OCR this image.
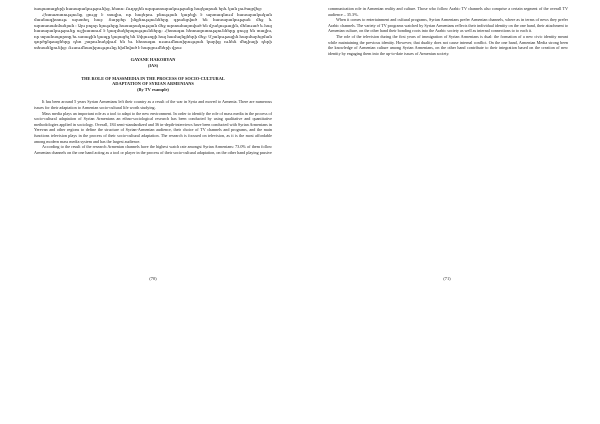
iապատաքերի հասարակությունից, հետո։ Ուղղղեն արգատարակությանը հայկարան երև կան լուծացվեց։

Հետաzոտությունը ցույց է տալիս, որ հայերու բնության կարելի է արտագնում հասարակական մասնագիտութ այստեղ հայ։ Տարբեր ինքնությունները գրանցված են հասարակության մեջ և արտասահմանյան ։ Այս բոլոր նյութերը հասարակության մեջ արտահայտված են մշակութային, մենուած և հայ հասարակությունը աշխատում է կազմակերպությունները։ Հետագա հետազոտությունները ցույց են տալիս, որ տրանսպորտը եւ առաջին կապը կայացել են Սփյուռքի հայ համայնքների մեջ։ Մշակութային հարմարեցման գործընթացները դեռ շարունակվում են եւ հետագա ուսումնասիրության կարիք ունեն մեդիայի դերի տեսանկյունից։ Ուսումնասիրությունը հիմնված է հարցումների վրա։

GAYANE HAKOBYAN

(IAS)

THE ROLE OF MASSMEDIA IN THE PROCESS OF SOCIO-CULTURAL

ADAPTATION OF SYRIAN ARMENIANS

(By TV example)

It has been around 5 years Syrian Armenians left their country as a result of the war in Syria and moved to Armenia. There are numerous issues for their adaptation to Armenian socio-cultural life worth studying.

Mass media plays an important role as a tool to adapt to the new environment. In order to identify the role of mass media in the process of socio-cultural adaptation of Syrian Armenians an ethno-sociological research has been conducted by using qualitative and quantitative methodologies applied in sociology. Overall, 184 semi-standardized and 36 in-depth-interviews have been conducted with Syrian Armenians in Yerevan and other regions to define the structure of Syrian-Armenian audience, their choice of TV channels and programs, and the main functions television plays in the process of their socio-cultural adaptation. The research is focused on television, as it is the most affordable among modern mass media system and has the largest audience.

According to the result of the research Armenian channels have the highest watch rate amongst Syrian Armenians: 73.0% of them follow Armenian channels on the one hand acting as a tool or player in the process of their socio-cultural adaptation, on the other hand playing passive

(70)

communication role in Armenian reality and culture. Those who follow Arabic TV channels also comprise a certain segment of the overall TV audience – 35.3%.

When it comes to entertainment and cultural programs, Syrian Armenians prefer Armenian channels, where as in terms of news they prefer Arabic channels. The variety of TV programs watched by Syrian Armenians reflects their individual identity on the one hand, their attachment to Armenian culture, on the other hand their bonding roots into the Arabic society as well as internal connections to to each it.

The role of the television during the first years of immigration of Syrian Armenians is dual: the formation of a new civic identity meant while maintaining the previous identity. However, that duality does not cause internal conflict. On the one hand, Armenian Media strong been the knowledge of Armenian culture among Syrian Armenians, on the other hand contribute to their integration based on the creation of new identity by engaging them into the up-to-date issues of Armenian society.

(71)
